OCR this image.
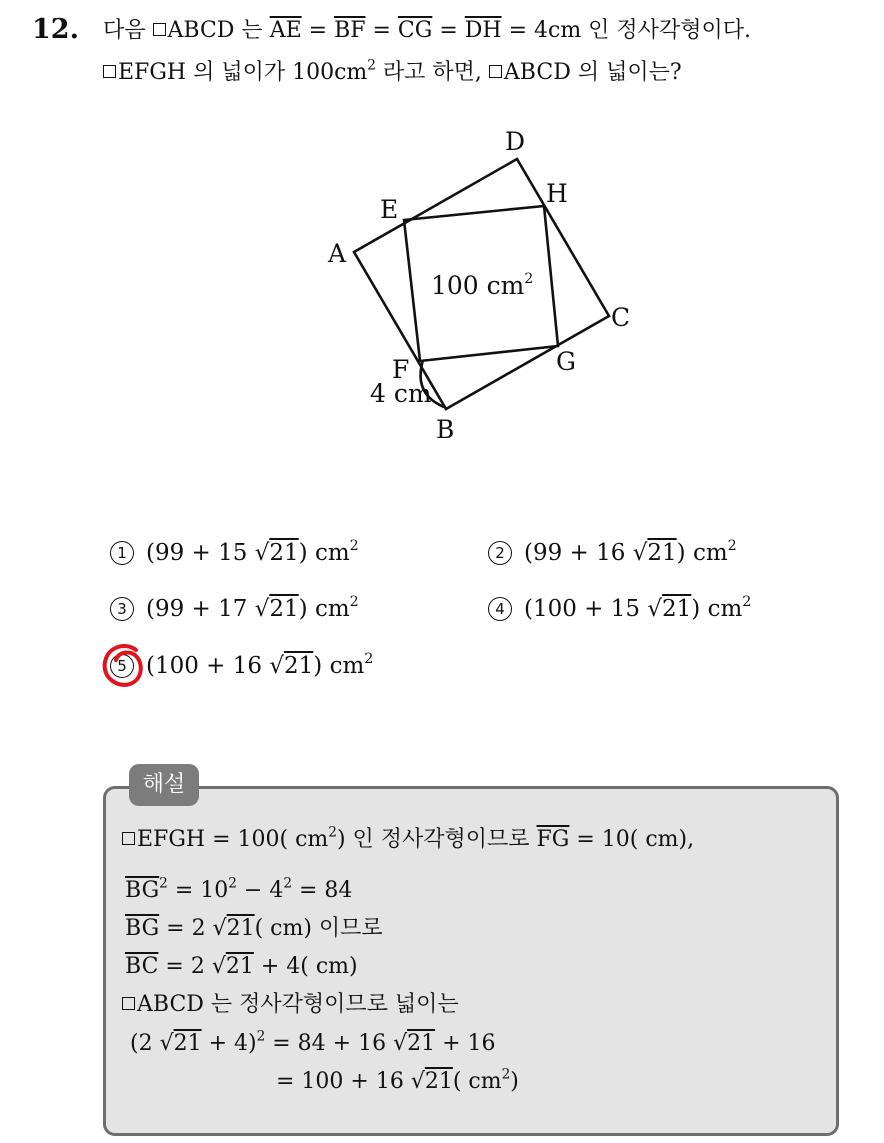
12. 다음 ABCD 는 $\overline{AE} = \overline{BF} = \overline{CG} = \overline{DH} = 4cm$ 인 정사각형이다.
EFGH 의 넓이가 $100cm^2$ 라고 하면, ABCD 의 넓이는?
A
B
C
D
E
F	G
H
100 $cm^2$
4 cm
1 (99 + 15 √21) $cm^2$	2 (99 + 16 √21) $cm^2$
3 (99 + 17 √21) $cm^2$	4 (100 + 15 √21) $cm^2$
5 (100 + 16 √21) $cm^2$
해설
EFGH = 100( $cm^2$) 인 정사각형이므로 $\overline{FG} = 10$( cm),
$\overline{BG}^2 = 10^2 - 4^2 = 84$
$\overline{BG} = 2$ √21( cm) 이므로
$\overline{BC} = 2$ √21 + 4( cm)
ABCD 는 정사각형이므로 넓이는
(2 √21 + 4)$^2$ = 84 + 16 √21 + 16
= 100 + 16 √21( $cm^2$)
